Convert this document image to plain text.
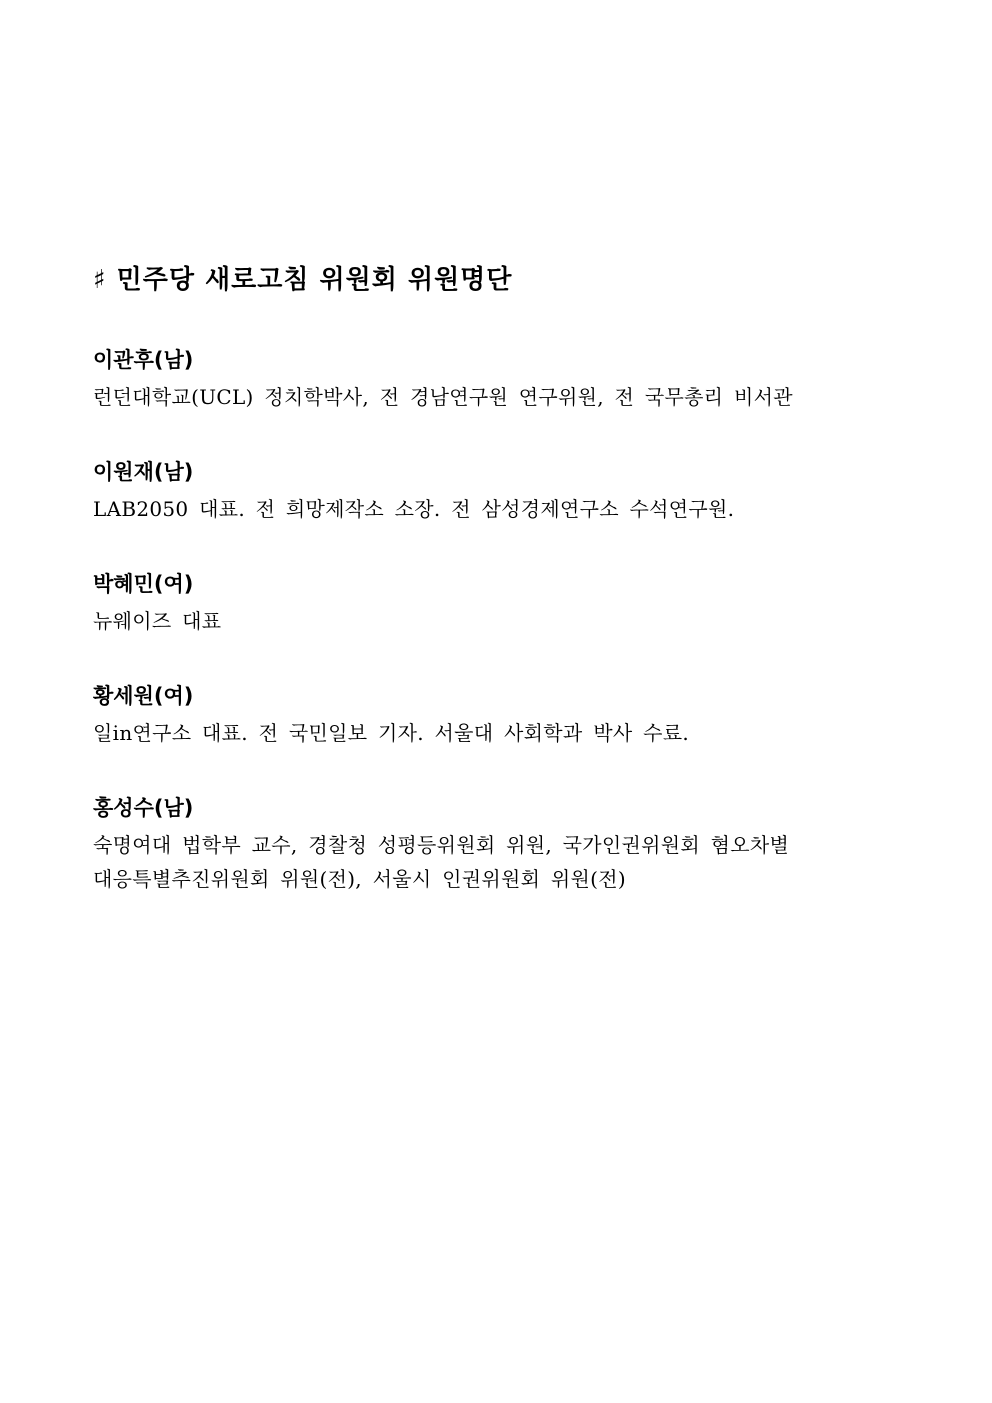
♯ 민주당 새로고침 위원회 위원명단

이관후(남)

런던대학교(UCL) 정치학박사, 전 경남연구원 연구위원, 전 국무총리 비서관

이원재(남)

LAB2050 대표. 전 희망제작소 소장. 전 삼성경제연구소 수석연구원.

박혜민(여)

뉴웨이즈 대표

황세원(여)

일in연구소 대표. 전 국민일보 기자. 서울대 사회학과 박사 수료.

홍성수(남)

숙명여대 법학부 교수, 경찰청 성평등위원회 위원, 국가인권위원회 혐오차별
대응특별추진위원회 위원(전), 서울시 인권위원회 위원(전)
